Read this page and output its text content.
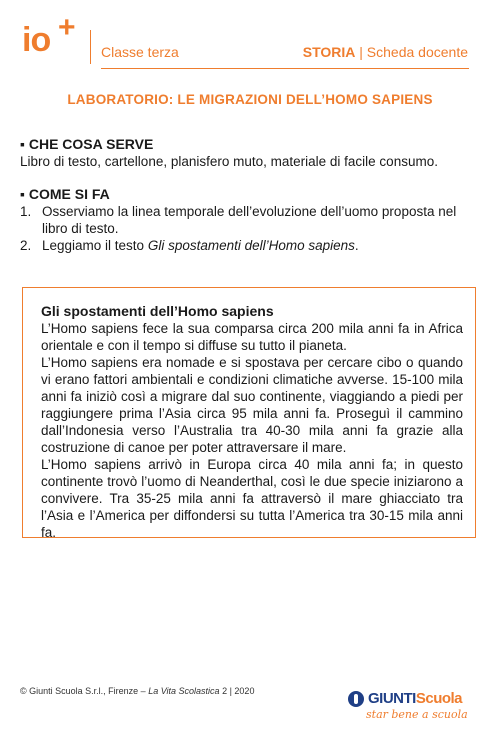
io +
Classe terza	STORIA | Scheda docente
LABORATORIO: LE MIGRAZIONI DELL’HOMO SAPIENS
▪ CHE COSA SERVE

Libro di testo, cartellone, planisfero muto, materiale di facile consumo.

▪ COME SI FA
1. Osserviamo la linea temporale dell’evoluzione dell’uomo proposta nel libro di testo.
2. Leggiamo il testo Gli spostamenti dell’Homo sapiens.
Gli spostamenti dell’Homo sapiens

L’Homo sapiens fece la sua comparsa circa 200 mila anni fa in Africa orientale e con il tempo si diffuse su tutto il pianeta.

L’Homo sapiens era nomade e si spostava per cercare cibo o quando vi erano fattori ambientali e condizioni climatiche avverse. 15-100 mila anni fa iniziò così a migrare dal suo continente, viaggiando a piedi per raggiungere prima l’Asia circa 95 mila anni fa. Proseguì il cammino dall’Indonesia verso l’Australia tra 40-30 mila anni fa grazie alla costruzione di canoe per poter attraversare il mare.

L’Homo sapiens arrivò in Europa circa 40 mila anni fa; in questo continente trovò l’uomo di Neanderthal, così le due specie iniziarono a convivere. Tra 35-25 mila anni fa attraversò il mare ghiacciato tra l’Asia e l’America per diffondersi su tutta l’America tra 30-15 mila anni fa.

© Giunti Scuola S.r.l., Firenze – La Vita Scolastica 2 | 2020	GIUNTIScuola
star bene a scuola
